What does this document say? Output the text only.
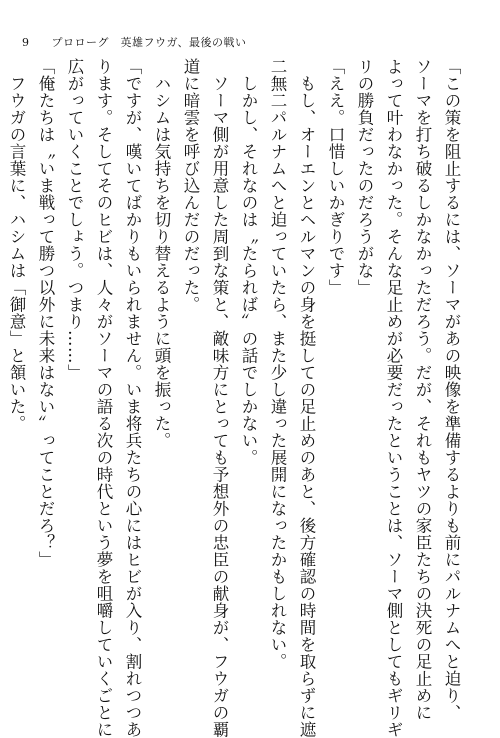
9 プロローグ　英雄フウガ、最後の戦い
「この策を阻止するには、ソーマがあの映像を準備するよりも前にパルナムへと迫り、
ソーマを打ち破るしかなかっただろう。だが、それもヤツの家臣たちの決死の足止めに
よって叶わなかった。そんな足止めが必要だったということは、ソーマ側としてもギリギ
リの勝負だったのだろうがな」
「ええ。口惜しいかぎりです」
　もし、オーエンとヘルマンの身を挺しての足止めのあと、後方確認の時間を取らずに遮
二無二パルナムへと迫っていたら、また少し違った展開になったかもしれない。
　しかし、それなのは〝たられば〟の話でしかない。
　ソーマ側が用意した周到な策と、敵味方にとっても予想外の忠臣の献身が、フウガの覇
道に暗雲を呼び込んだのだった。
　ハシムは気持ちを切り替えるように頭を振った。
「ですが、嘆いてばかりもいられません。いま将兵たちの心にはヒビが入り、割れつつあ
ります。そしてそのヒビは、人々がソーマの語る次の時代という夢を咀嚼していくごとに
広がっていくことでしょう。つまり……」
「俺たちは〝いま戦って勝つ以外に未来はない〟ってことだろ？」
　フウガの言葉に、ハシムは「御意」と頷いた。
